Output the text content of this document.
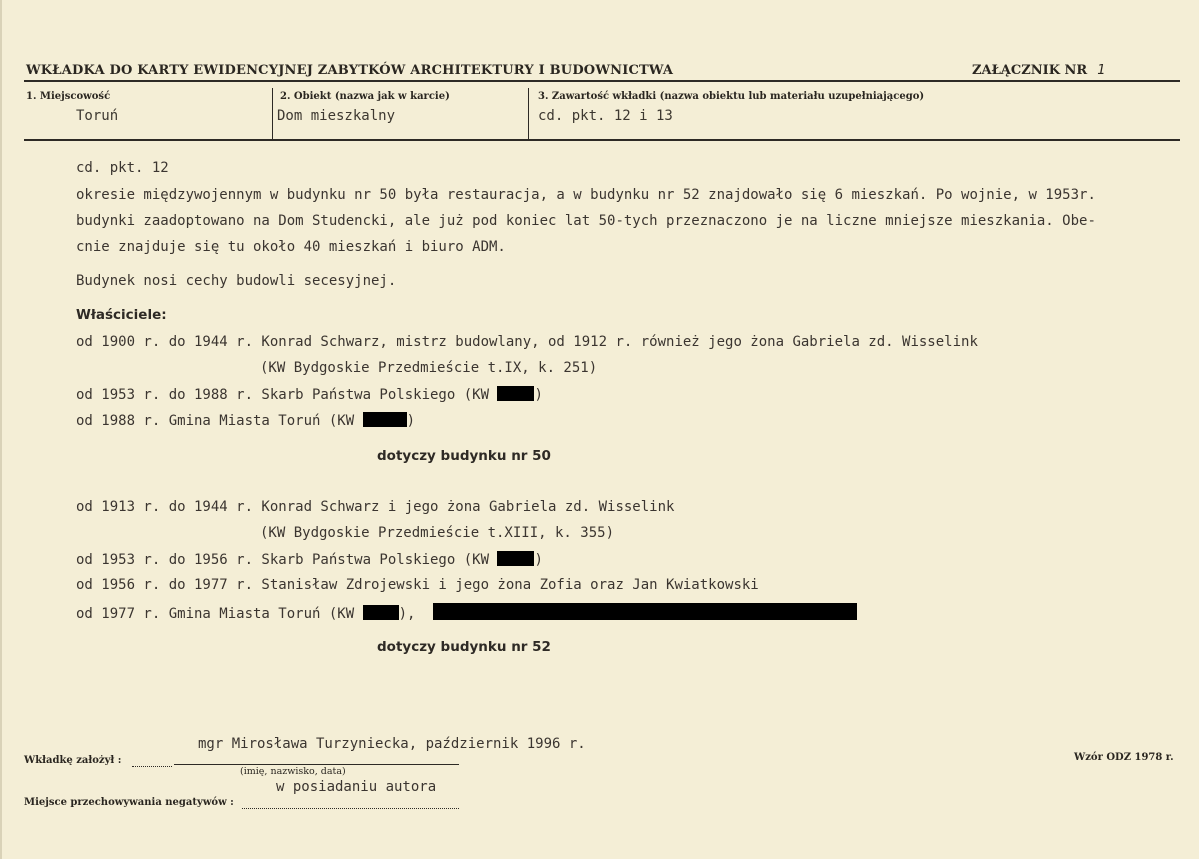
WKŁADKA DO KARTY EWIDENCYJNEJ ZABYTKÓW ARCHITEKTURY I BUDOWNICTWA	ZAŁĄCZNIK NR 1
1. Miejscowość
Toruń
2. Obiekt (nazwa jak w karcie)
Dom mieszkalny
3. Zawartość wkładki (nazwa obiektu lub materiału uzupełniającego)
cd. pkt. 12 i 13
cd. pkt. 12
okresie międzywojennym w budynku nr 50 była restauracja, a w budynku nr 52 znajdowało się 6 mieszkań. Po wojnie, w 1953r.
budynki zaadoptowano na Dom Studencki, ale już pod koniec lat 50-tych przeznaczono je na liczne mniejsze mieszkania. Obe-
cnie znajduje się tu około 40 mieszkań i biuro ADM.
Budynek nosi cechy budowli secesyjnej.
Właściciele:
od 1900 r. do 1944 r. Konrad Schwarz, mistrz budowlany, od 1912 r. również jego żona Gabriela zd. Wisselink
(KW Bydgoskie Przedmieście t.IX, k. 251)
od 1953 r. do 1988 r. Skarb Państwa Polskiego (KW	)
od 1988 r. Gmina Miasta Toruń (KW	)
dotyczy budynku nr 50
od 1913 r. do 1944 r. Konrad Schwarz i jego żona Gabriela zd. Wisselink
(KW Bydgoskie Przedmieście t.XIII, k. 355)
od 1953 r. do 1956 r. Skarb Państwa Polskiego (KW	)
od 1956 r. do 1977 r. Stanisław Zdrojewski i jego żona Zofia oraz Jan Kwiatkowski
od 1977 r. Gmina Miasta Toruń (KW	),
dotyczy budynku nr 52
Wkładkę założył :
mgr Mirosława Turzyniecka, październik 1996 r.
(imię, nazwisko, data)
w posiadaniu autora
Miejsce przechowywania negatywów :
Wzór ODZ 1978 r.
